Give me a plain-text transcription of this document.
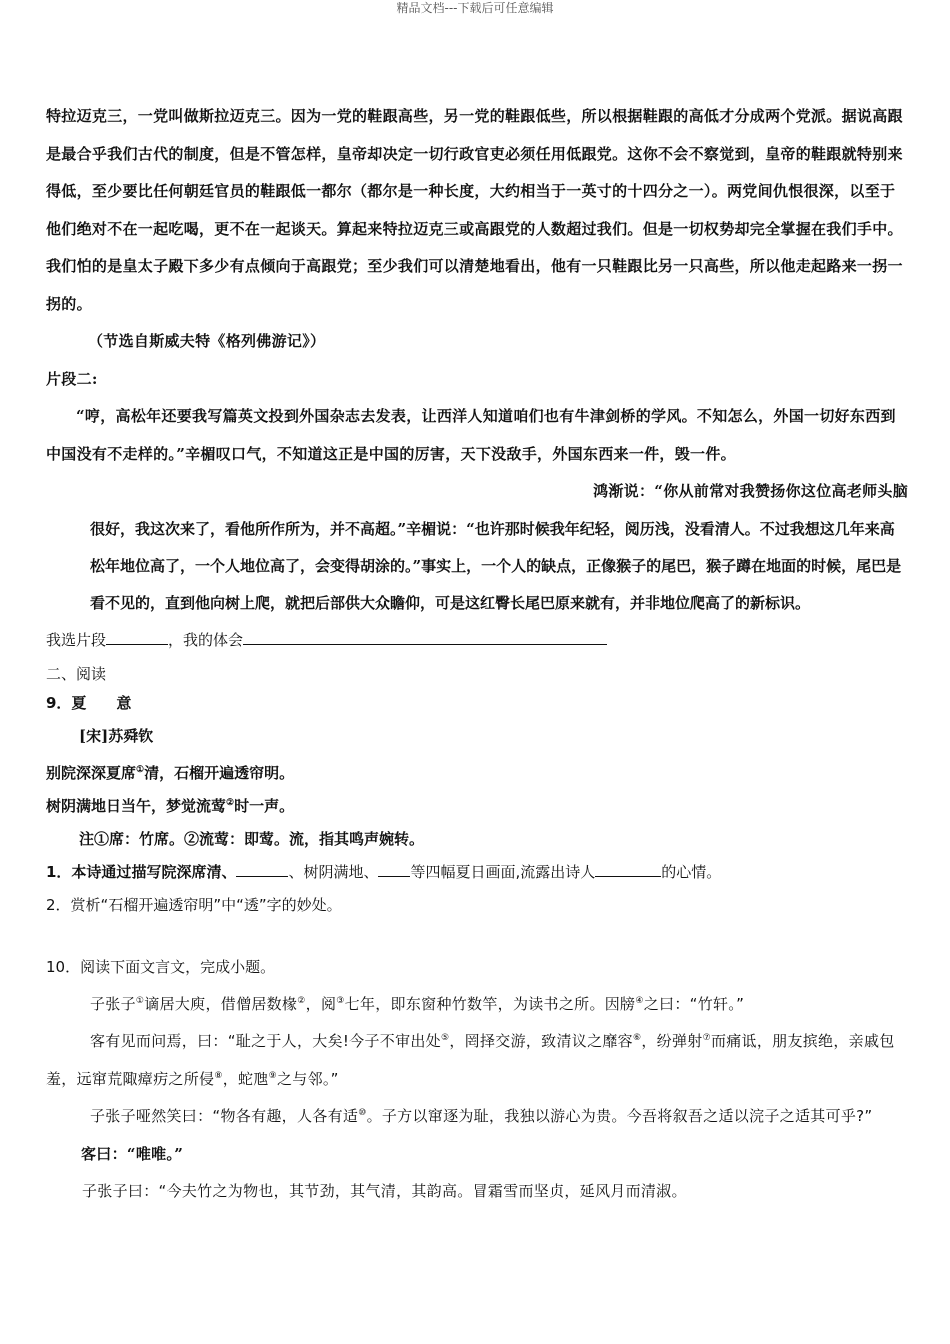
精品文档---下载后可任意编辑

特拉迈克三，一党叫做斯拉迈克三。因为一党的鞋跟高些，另一党的鞋跟低些，所以根据鞋跟的高低才分成两个党派。据说高跟是最合乎我们古代的制度，但是不管怎样，皇帝却决定一切行政官吏必须任用低跟党。这你不会不察觉到，皇帝的鞋跟就特别来得低，至少要比任何朝廷官员的鞋跟低一都尔（都尔是一种长度，大约相当于一英寸的十四分之一）。两党间仇恨很深，以至于他们绝对不在一起吃喝，更不在一起谈天。算起来特拉迈克三或高跟党的人数超过我们。但是一切权势却完全掌握在我们手中。我们怕的是皇太子殿下多少有点倾向于高跟党；至少我们可以清楚地看出，他有一只鞋跟比另一只高些，所以他走起路来一拐一拐的。

（节选自斯威夫特《格列佛游记》）

片段二:

“哼，高松年还要我写篇英文投到外国杂志去发表，让西洋人知道咱们也有牛津剑桥的学风。不知怎么，外国一切好东西到中国没有不走样的。”辛楣叹口气，不知道这正是中国的厉害，天下没敌手，外国东西来一件，毁一件。

鸿渐说：“你从前常对我赞扬你这位高老师头脑

很好，我这次来了，看他所作所为，并不高超。”辛楣说：“也许那时候我年纪轻，阅历浅，没看清人。不过我想这几年来高松年地位高了，一个人地位高了，会变得胡涂的。”事实上，一个人的缺点，正像猴子的尾巴，猴子蹲在地面的时候，尾巴是看不见的，直到他向树上爬，就把后部供大众瞻仰，可是这红臀长尾巴原来就有，并非地位爬高了的新标识。

我选片段	，我的体会

二、阅读

9．夏　　意

[宋]苏舜钦

别院深深夏席①清，石榴开遍透帘明。

树阴满地日当午，梦觉流莺②时一声。

注①席：竹席。②流莺：即莺。流，指其鸣声婉转。

1．本诗通过描写院深席清、	、树阴满地、 等四幅夏日画面,流露出诗人	的心情。

2．赏析“石榴开遍透帘明”中“透”字的妙处。

10．阅读下面文言文，完成小题。

子张子①谪居大庾，借僧居数椽②，阅③七年，即东窗种竹数竿，为读书之所。因牓④之曰：“竹轩。”

客有见而问焉，曰：“耻之于人，大矣!今子不审出处⑤，罔择交游，致清议之靡容⑥，纷弹射⑦而痛诋，朋友摈绝，亲戚包羞，远窜荒陬瘴疠之所侵⑧，蛇虺⑨之与邻。”

子张子哑然笑曰：“物各有趣，人各有适⑩。子方以窜逐为耻，我独以游心为贵。今吾将叙吾之适以浣子之适其可乎?”

客曰：“唯唯。”

子张子曰：“今夫竹之为物也，其节劲，其气清，其韵高。冒霜雪而坚贞，延风月而清淑。
